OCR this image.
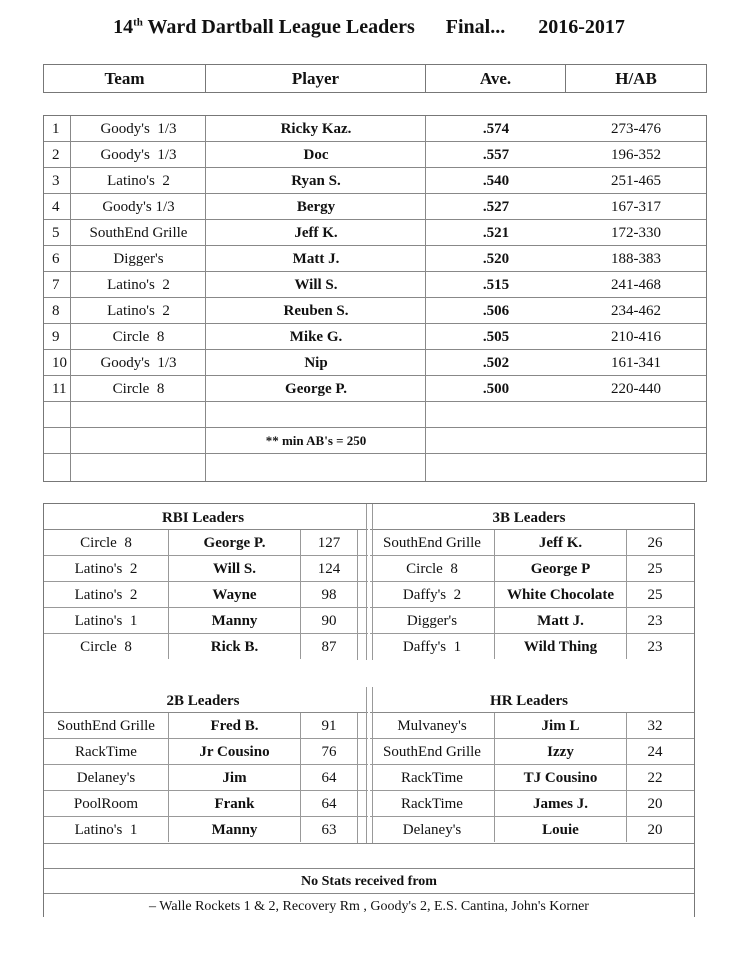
14th Ward Dartball League Leaders Final... 2016-2017
Team	Player	Ave.	H/AB
** min AB's = 250
1	Goody's  1/3	Ricky Kaz.	.574	273-476
2	Goody's  1/3	Doc	.557	196-352
3	Latino's  2	Ryan S.	.540	251-465
4	Goody's 1/3	Bergy	.527	167-317
5	SouthEnd Grille	Jeff K.	.521	172-330
6	Digger's	Matt J.	.520	188-383
7	Latino's  2	Will S.	.515	241-468
8	Latino's  2	Reuben S.	.506	234-462
9	Circle  8	Mike G.	.505	210-416
10	Goody's  1/3	Nip	.502	161-341
11	Circle  8	George P.	.500	220-440
No Stats received from
– Walle Rockets 1 & 2, Recovery Rm , Goody's 2, E.S. Cantina, John's Korner
RBI Leaders
Circle  8	George P.	127
Latino's  2	Will S.	124
Latino's  2	Wayne	98
Latino's  1	Manny	90
Circle  8	Rick B.	87
3B Leaders
SouthEnd Grille	Jeff K.	26
Circle  8	George P	25
Daffy's  2	White Chocolate	25
Digger's	Matt J.	23
Daffy's  1	Wild Thing	23
2B Leaders
SouthEnd Grille	Fred B.	91
RackTime	Jr Cousino	76
Delaney's	Jim	64
PoolRoom	Frank	64
Latino's  1	Manny	63
HR Leaders
Mulvaney's	Jim L	32
SouthEnd Grille	Izzy	24
RackTime	TJ Cousino	22
RackTime	James J.	20
Delaney's	Louie	20
